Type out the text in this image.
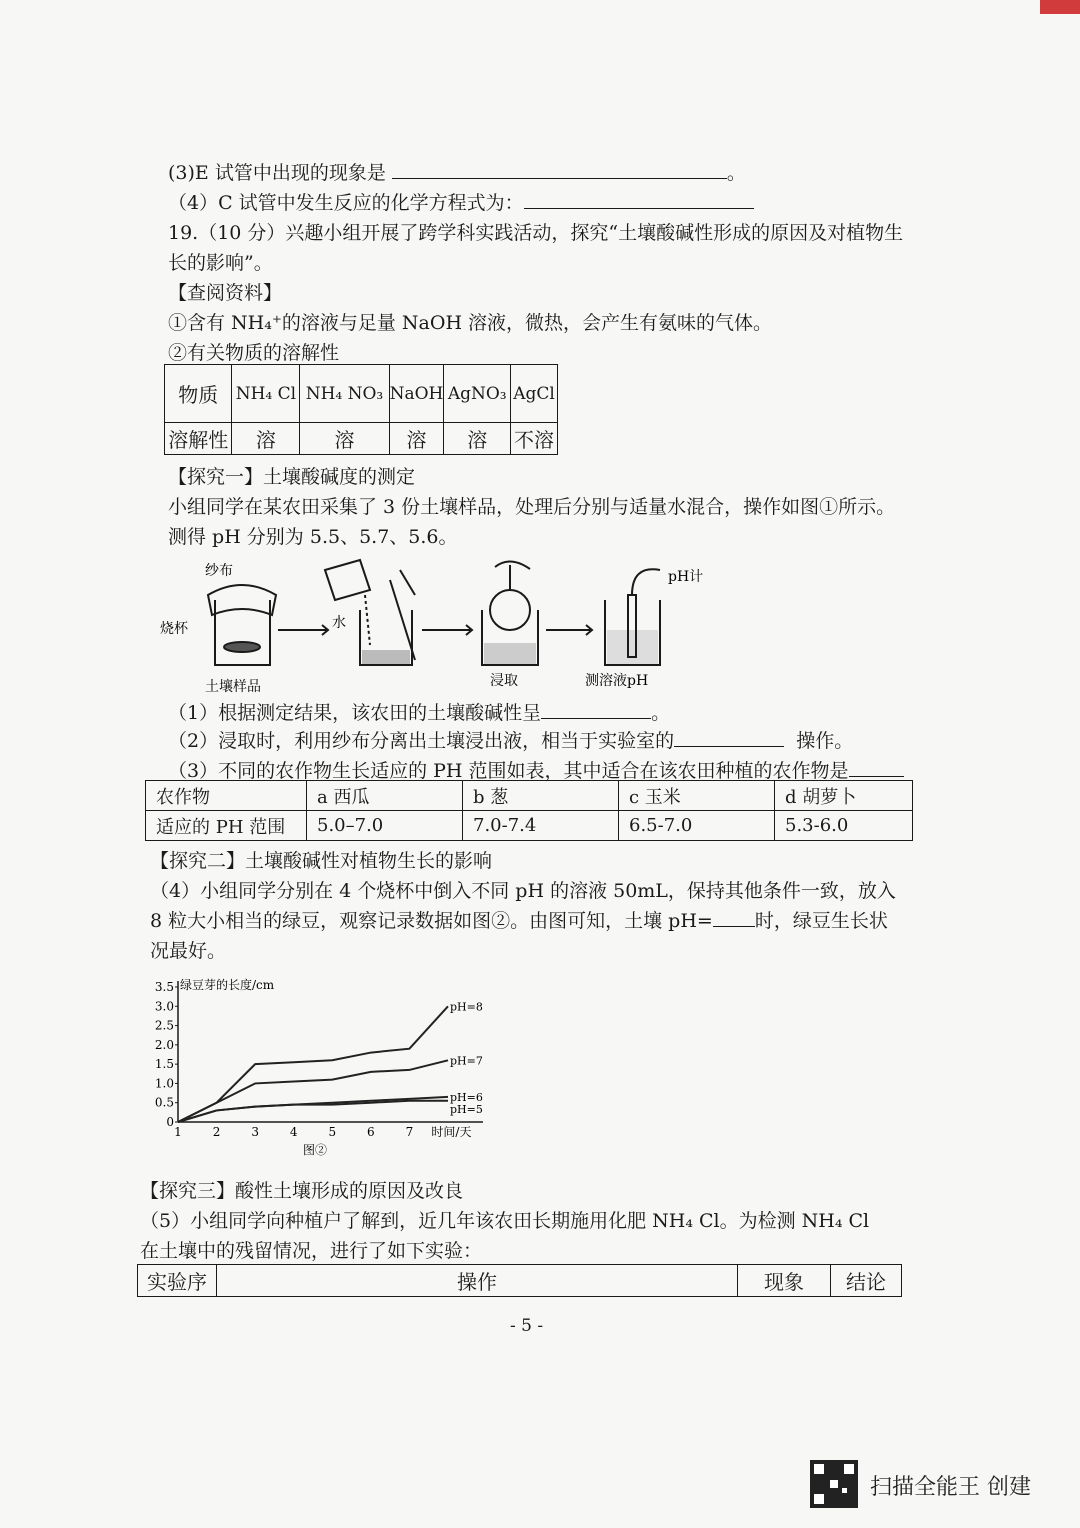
(3)E 试管中出现的现象是	。
（4）C 试管中发生反应的化学方程式为：
19.（10 分）兴趣小组开展了跨学科实践活动，探究“土壤酸碱性形成的原因及对植物生
长的影响”。
【查阅资料】
①含有 NH₄⁺的溶液与足量 NaOH 溶液，微热，会产生有氨味的气体。
②有关物质的溶解性
物质	NH₄ Cl	NH₄ NO₃	NaOH	AgNO₃	AgCl
溶解性	溶	溶	溶	溶	不溶
【探究一】土壤酸碱度的测定
小组同学在某农田采集了 3 份土壤样品，处理后分别与适量水混合，操作如图①所示。
测得 pH 分别为 5.5、5.7、5.6。
纱布
烧杯
土壤样品
水
浸取	测溶液pH
pH计
（1）根据测定结果，该农田的土壤酸碱性呈	。
（2）浸取时，利用纱布分离出土壤浸出液，相当于实验室的	操作。
（3）不同的农作物生长适应的 PH 范围如表，其中适合在该农田种植的农作物是
农作物	a 西瓜	b 葱	c 玉米	d 胡萝卜
适应的 PH 范围	5.0–7.0	7.0-7.4	6.5-7.0	5.3-6.0
【探究二】土壤酸碱性对植物生长的影响
（4）小组同学分别在 4 个烧杯中倒入不同 pH 的溶液 50mL，保持其他条件一致，放入
8 粒大小相当的绿豆，观察记录数据如图②。由图可知，土壤 pH= 时，绿豆生长状
况最好。
0
0.5
1.0
1.5
2.0
2.5
3.0
3.5
1	2	3	4	5	6	7
绿豆芽的长度/cm
时间/天
图②
pH=8
pH=7
pH=6
pH=5
【探究三】酸性土壤形成的原因及改良
（5）小组同学向种植户了解到，近几年该农田长期施用化肥 NH₄ Cl。为检测 NH₄ Cl
在土壤中的残留情况，进行了如下实验：
实验序	操作	现象	结论
- 5 -
扫描全能王 创建
